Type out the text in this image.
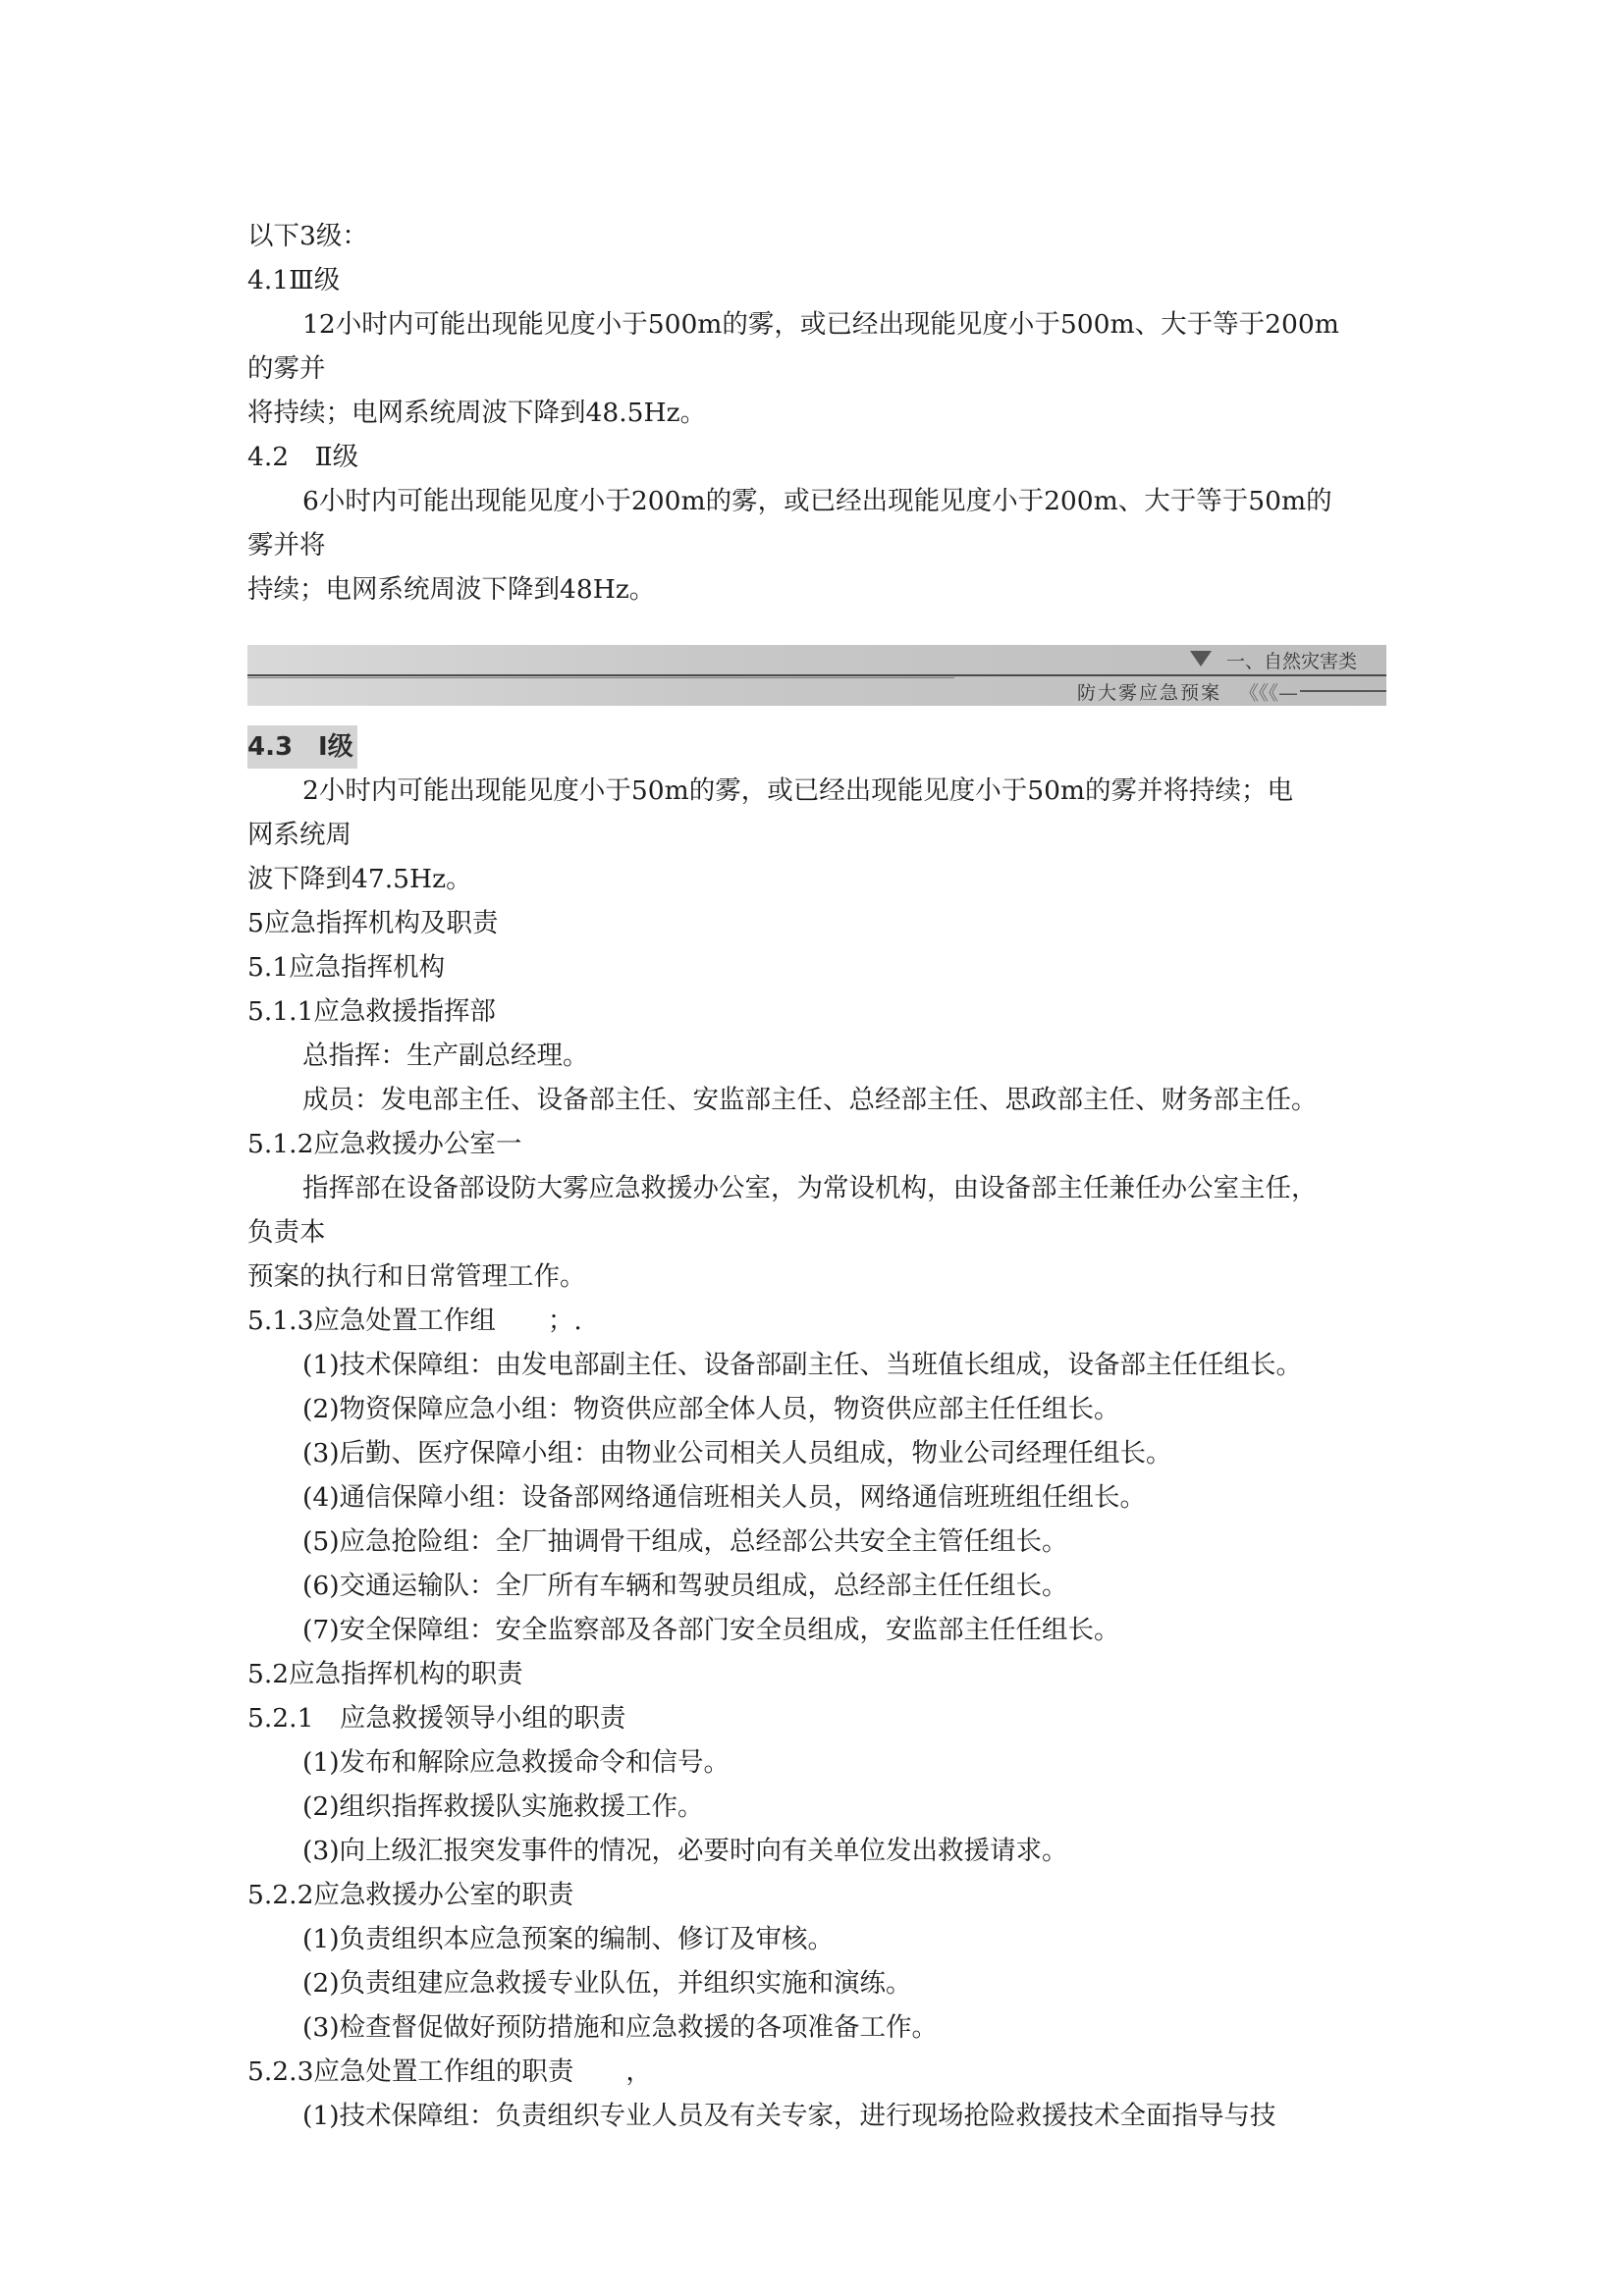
以下3级：
4.1Ⅲ级
12小时内可能出现能见度小于500m的雾，或已经出现能见度小于500m、大于等于200m
的雾并
将持续；电网系统周波下降到48.5Hz。
4.2　Ⅱ级
6小时内可能出现能见度小于200m的雾，或已经出现能见度小于200m、大于等于50m的
雾并将
持续；电网系统周波下降到48Hz。
一、自然灾害类
防大雾应急预案 《《《—
4.3　Ⅰ级
2小时内可能出现能见度小于50m的雾，或已经出现能见度小于50m的雾并将持续；电
网系统周
波下降到47.5Hz。
5应急指挥机构及职责
5.1应急指挥机构
5.1.1应急救援指挥部
总指挥：生产副总经理。
成员：发电部主任、设备部主任、安监部主任、总经部主任、思政部主任、财务部主任。
5.1.2应急救援办公室一
指挥部在设备部设防大雾应急救援办公室，为常设机构，由设备部主任兼任办公室主任，
负责本
预案的执行和日常管理工作。
5.1.3应急处置工作组　　；.
(1)技术保障组：由发电部副主任、设备部副主任、当班值长组成，设备部主任任组长。
(2)物资保障应急小组：物资供应部全体人员，物资供应部主任任组长。
(3)后勤、医疗保障小组：由物业公司相关人员组成，物业公司经理任组长。
(4)通信保障小组：设备部网络通信班相关人员，网络通信班班组任组长。
(5)应急抢险组：全厂抽调骨干组成，总经部公共安全主管任组长。
(6)交通运输队：全厂所有车辆和驾驶员组成，总经部主任任组长。
(7)安全保障组：安全监察部及各部门安全员组成，安监部主任任组长。
5.2应急指挥机构的职责
5.2.1　应急救援领导小组的职责
(1)发布和解除应急救援命令和信号。
(2)组织指挥救援队实施救援工作。
(3)向上级汇报突发事件的情况，必要时向有关单位发出救援请求。
5.2.2应急救援办公室的职责
(1)负责组织本应急预案的编制、修订及审核。
(2)负责组建应急救援专业队伍，并组织实施和演练。
(3)检查督促做好预防措施和应急救援的各项准备工作。
5.2.3应急处置工作组的职责　　，
(1)技术保障组：负责组织专业人员及有关专家，进行现场抢险救援技术全面指导与技
